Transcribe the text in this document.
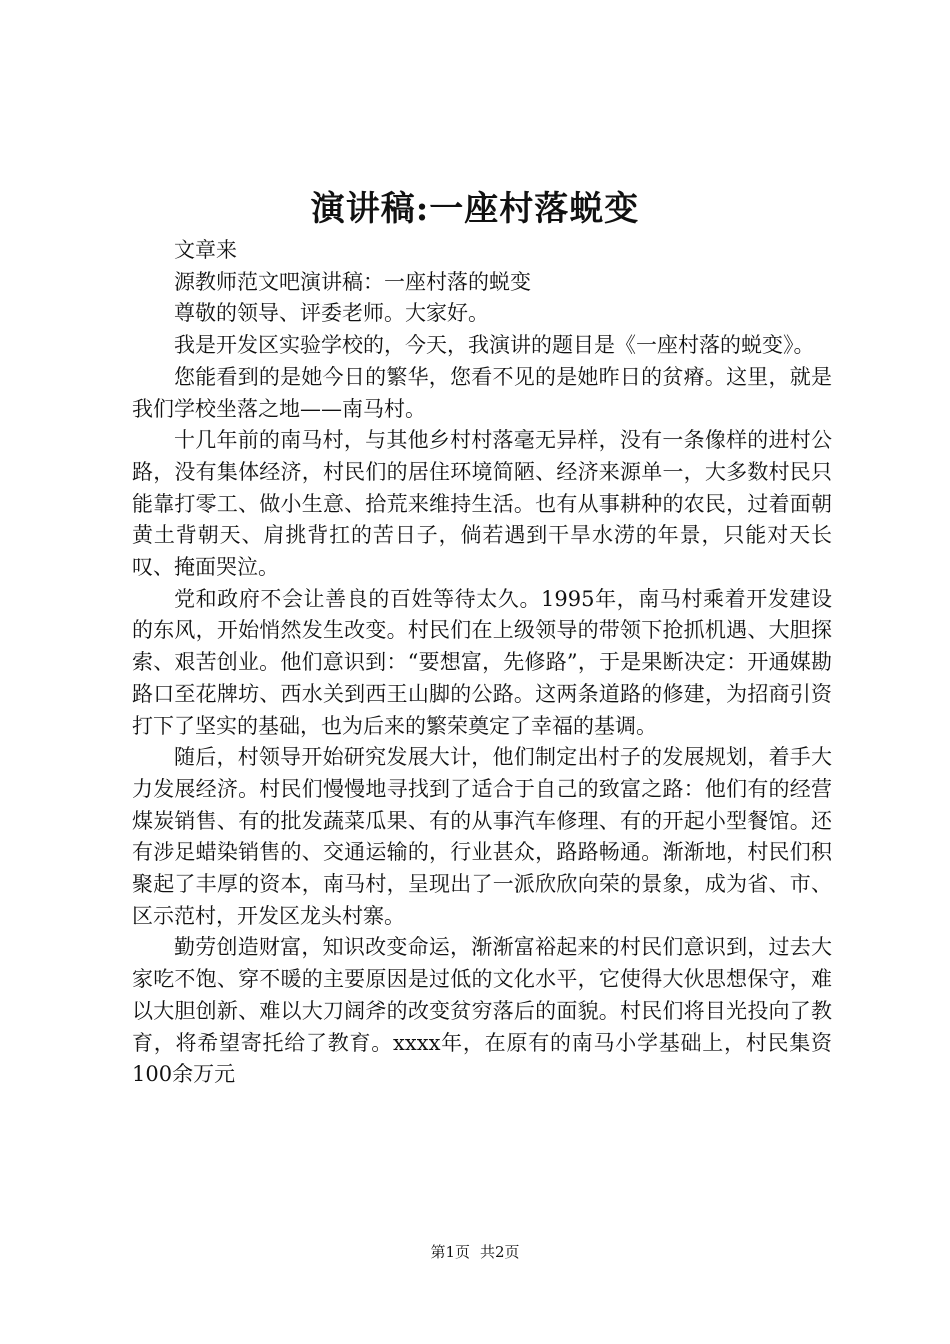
演讲稿:一座村落蜕变

文章来

源教师范文吧演讲稿：一座村落的蜕变

尊敬的领导、评委老师。大家好。

我是开发区实验学校的，今天，我演讲的题目是《一座村落的蜕变》。

您能看到的是她今日的繁华，您看不见的是她昨日的贫瘠。这里，就是我们学校坐落之地——南马村。

十几年前的南马村，与其他乡村村落毫无异样，没有一条像样的进村公路，没有集体经济，村民们的居住环境简陋、经济来源单一，大多数村民只能靠打零工、做小生意、拾荒来维持生活。也有从事耕种的农民，过着面朝黄土背朝天、肩挑背扛的苦日子，倘若遇到干旱水涝的年景，只能对天长叹、掩面哭泣。

党和政府不会让善良的百姓等待太久。1995年，南马村乘着开发建设的东风，开始悄然发生改变。村民们在上级领导的带领下抢抓机遇、大胆探索、艰苦创业。他们意识到：“要想富，先修路”，于是果断决定：开通媒勘路口至花牌坊、西水关到西王山脚的公路。这两条道路的修建，为招商引资打下了坚实的基础，也为后来的繁荣奠定了幸福的基调。

随后，村领导开始研究发展大计，他们制定出村子的发展规划，着手大力发展经济。村民们慢慢地寻找到了适合于自己的致富之路：他们有的经营煤炭销售、有的批发蔬菜瓜果、有的从事汽车修理、有的开起小型餐馆。还有涉足蜡染销售的、交通运输的，行业甚众，路路畅通。渐渐地，村民们积聚起了丰厚的资本，南马村，呈现出了一派欣欣向荣的景象，成为省、市、区示范村，开发区龙头村寨。

勤劳创造财富，知识改变命运，渐渐富裕起来的村民们意识到，过去大家吃不饱、穿不暖的主要原因是过低的文化水平，它使得大伙思想保守，难以大胆创新、难以大刀阔斧的改变贫穷落后的面貌。村民们将目光投向了教育，将希望寄托给了教育。xxxx年，在原有的南马小学基础上，村民集资100余万元

第1页 共2页
